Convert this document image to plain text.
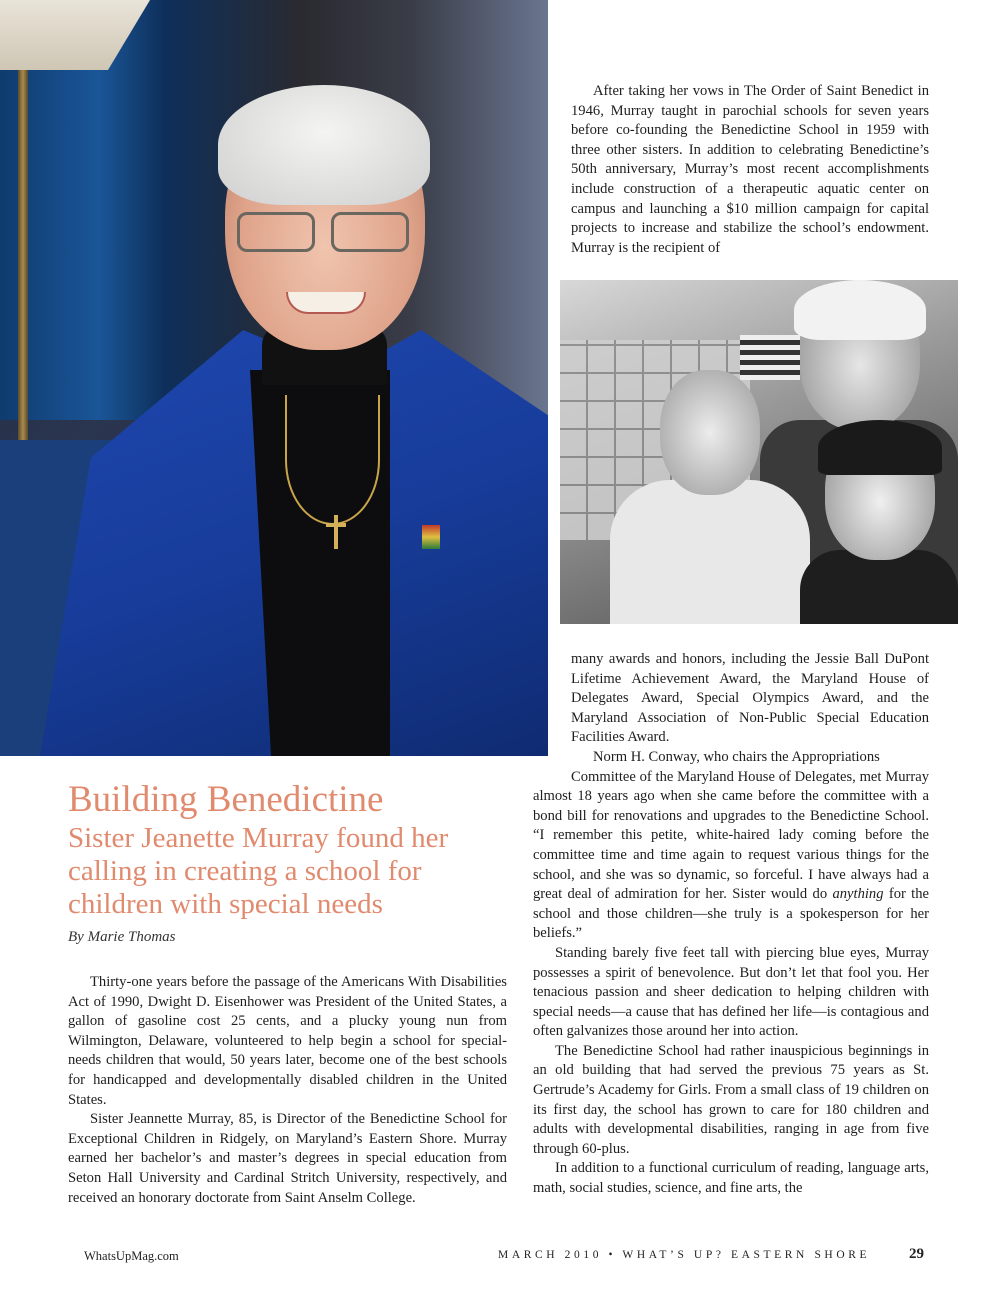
After taking her vows in The Order of Saint Benedict in 1946, Murray taught in parochial schools for seven years before co-founding the Benedictine School in 1959 with three other sisters. In addition to celebrating Benedictine’s 50th anniversary, Murray’s most recent accomplishments include construction of a therapeutic aquatic center on campus and launching a $10 million campaign for capital projects to increase and stabilize the school’s endowment. Murray is the recipient of

many awards and honors, including the Jessie Ball DuPont Lifetime Achievement Award, the Maryland House of Delegates Award, Special Olympics Award, and the Maryland Association of Non-Public Special Education Facilities Award.

Norm H. Conway, who chairs the Appropriations

Committee of the Maryland House of Delegates, met Murray almost 18 years ago when she came before the committee with a bond bill for renovations and upgrades to the Benedictine School. “I remember this petite, white-haired lady coming before the committee time and time again to request various things for the school, and she was so dynamic, so forceful. I have always had a great deal of admiration for her. Sister would do anything for the school and those children—she truly is a spokesperson for her beliefs.”

Standing barely five feet tall with piercing blue eyes, Murray possesses a spirit of benevolence. But don’t let that fool you. Her tenacious passion and sheer dedication to helping children with special needs—a cause that has defined her life—is contagious and often galvanizes those around her into action.

The Benedictine School had rather inauspicious beginnings in an old building that had served the previous 75 years as St. Gertrude’s Academy for Girls. From a small class of 19 children on its first day, the school has grown to care for 180 children and adults with developmental disabilities, ranging in age from five through 60-plus.

In addition to a functional curriculum of reading, language arts, math, social studies, science, and fine arts, the

Building Benedictine
Sister Jeanette Murray found her calling in creating a school for children with special needs
By Marie Thomas

Thirty-one years before the passage of the Americans With Disabilities Act of 1990, Dwight D. Eisenhower was President of the United States, a gallon of gasoline cost 25 cents, and a plucky young nun from Wilmington, Delaware, volunteered to help begin a school for special-needs children that would, 50 years later, become one of the best schools for handicapped and developmentally disabled children in the United States.

Sister Jeannette Murray, 85, is Director of the Benedictine School for Exceptional Children in Ridgely, on Maryland’s Eastern Shore. Murray earned her bachelor’s and master’s degrees in special education from Seton Hall University and Cardinal Stritch University, respectively, and received an honorary doctorate from Saint Anselm College.

WhatsUpMag.com	MARCH 2010 • WHAT’S UP? EASTERN SHORE	29
